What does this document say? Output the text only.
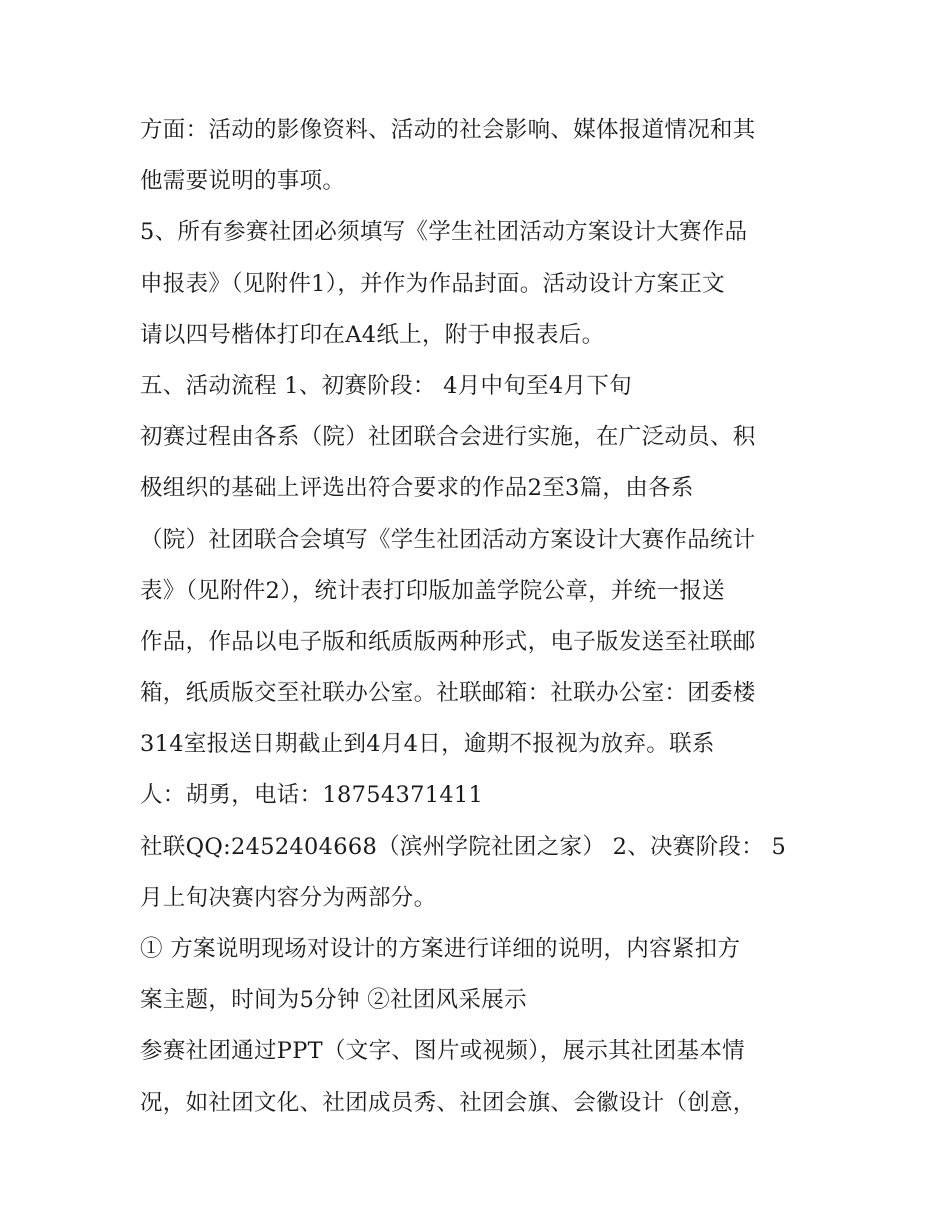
方面：活动的影像资料、活动的社会影响、媒体报道情况和其
他需要说明的事项。
5、所有参赛社团必须填写《学生社团活动方案设计大赛作品
申报表》（见附件1），并作为作品封面。活动设计方案正文
请以四号楷体打印在A4纸上，附于申报表后。
五、活动流程 1、初赛阶段： 4月中旬至4月下旬
初赛过程由各系（院）社团联合会进行实施，在广泛动员、积
极组织的基础上评选出符合要求的作品2至3篇，由各系
（院）社团联合会填写《学生社团活动方案设计大赛作品统计
表》（见附件2），统计表打印版加盖学院公章，并统一报送
作品，作品以电子版和纸质版两种形式，电子版发送至社联邮
箱，纸质版交至社联办公室。社联邮箱：社联办公室：团委楼
314室报送日期截止到4月4日，逾期不报视为放弃。联系
人：胡勇，电话：18754371411
社联QQ:2452404668（滨州学院社团之家） 2、决赛阶段： 5
月上旬决赛内容分为两部分。
① 方案说明现场对设计的方案进行详细的说明，内容紧扣方
案主题，时间为5分钟 ②社团风采展示
参赛社团通过PPT（文字、图片或视频），展示其社团基本情
况，如社团文化、社团成员秀、社团会旗、会徽设计（创意，
